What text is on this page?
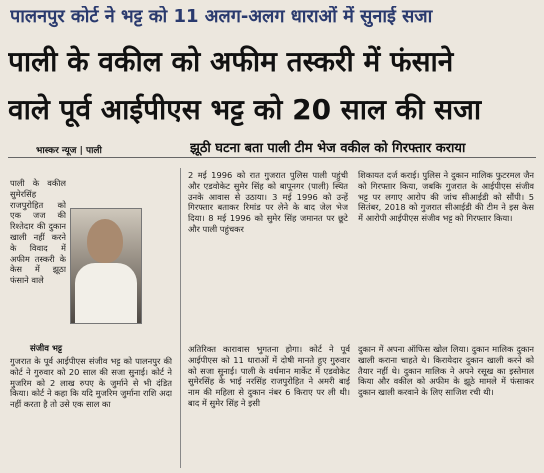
पालनपुर कोर्ट ने भट्ट को 11 अलग-अलग धाराओं में सुनाई सजा
पाली के वकील को अफीम तस्करी में फंसाने
वाले पूर्व आईपीएस भट्ट को 20 साल की सजा
भास्कर न्यूज | पाली	झूठी घटना बता पाली टीम भेज वकील को गिरफ्तार कराया

पाली के वकील सुमेरसिंह राजपुरोहित को एक जज की रिश्तेदार की दुकान खाली नहीं करने के विवाद में अफीम तस्करी के केस में झूठा फंसाने वाले

संजीव भट्ट

गुजरात के पूर्व आईपीएस संजीव भट्ट को पालनपुर की कोर्ट ने गुरुवार को 20 साल की सजा सुनाई। कोर्ट ने मुजरिम को 2 लाख रुपए के जुर्माने से भी दंडित किया। कोर्ट ने कहा कि यदि मुजरिम जुर्माना राशि अदा नहीं करता है तो उसे एक साल का

2 मई 1996 को रात गुजरात पुलिस पाली पहुंची और एडवोकेट सुमेर सिंह को बापूनगर (पाली) स्थित उनके आवास से उठाया। 3 मई 1996 को उन्हें गिरफ्तार बताकर रिमांड पर लेने के बाद जेल भेज दिया। 8 मई 1996 को सुमेर सिंह जमानत पर छूटे और पाली पहुंचकर

शिकायत दर्ज कराई। पुलिस ने दुकान मालिक फुटरमल जैन को गिरफ्तार किया, जबकि गुजरात के आईपीएस संजीव भट्ट पर लगाए आरोप की जांच सीआईडी को सौंपी। 5 सितंबर, 2018 को गुजरात सीआईडी की टीम ने इस केस में आरोपी आईपीएस संजीव भट्ट को गिरफ्तार किया।

अतिरिक्त कारावास भुगतना होगा। कोर्ट ने पूर्व आईपीएस को 11 धाराओं में दोषी मानते हुए गुरुवार को सजा सुनाई। पाली के वर्धमान मार्केट में एडवोकेट सुमेरसिंह के भाई नरसिंह राजपुरोहित ने अमरी बाई नाम की महिला से दुकान नंबर 6 किराए पर ली थी। बाद में सुमेर सिंह ने इसी

दुकान में अपना ऑफिस खोल लिया। दुकान मालिक दुकान खाली कराना चाहते थे। किरायेदार दुकान खाली करने को तैयार नहीं थे। दुकान मालिक ने अपने रसूख का इस्तेमाल किया और वकील को अफीम के झूठे मामले में फंसाकर दुकान खाली करवाने के लिए साजिश रची थी।
